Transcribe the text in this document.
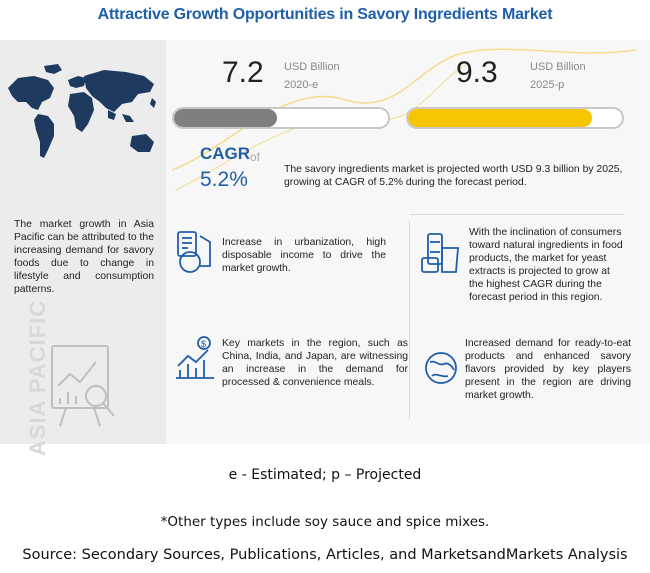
Attractive Growth Opportunities in Savory Ingredients Market
The market growth in Asia Pacific can be attributed to the increasing demand for savory foods due to change in lifestyle and consumption patterns.
ASIA PACIFIC
7.2 USD Billion
2020-e	9.3	USD Billion
2025-p
CAGR of
5.2%	The savory ingredients market is projected worth USD 9.3 billion by 2025, growing at CAGR of 5.2% during the forecast period.
Increase in urbanization, high disposable income to drive the market growth.
$ Key markets in the region, such as China, India, and Japan, are witnessing an increase in the demand for processed & convenience meals.
With the inclination of consumers toward natural ingredients in food products, the market for yeast extracts is projected to grow at the highest CAGR during the forecast period in this region.
Increased demand for ready-to-eat products and enhanced savory flavors provided by key players present in the region are driving market growth.
e - Estimated; p – Projected
*Other types include soy sauce and spice mixes.
Source: Secondary Sources, Publications, Articles, and MarketsandMarkets Analysis
